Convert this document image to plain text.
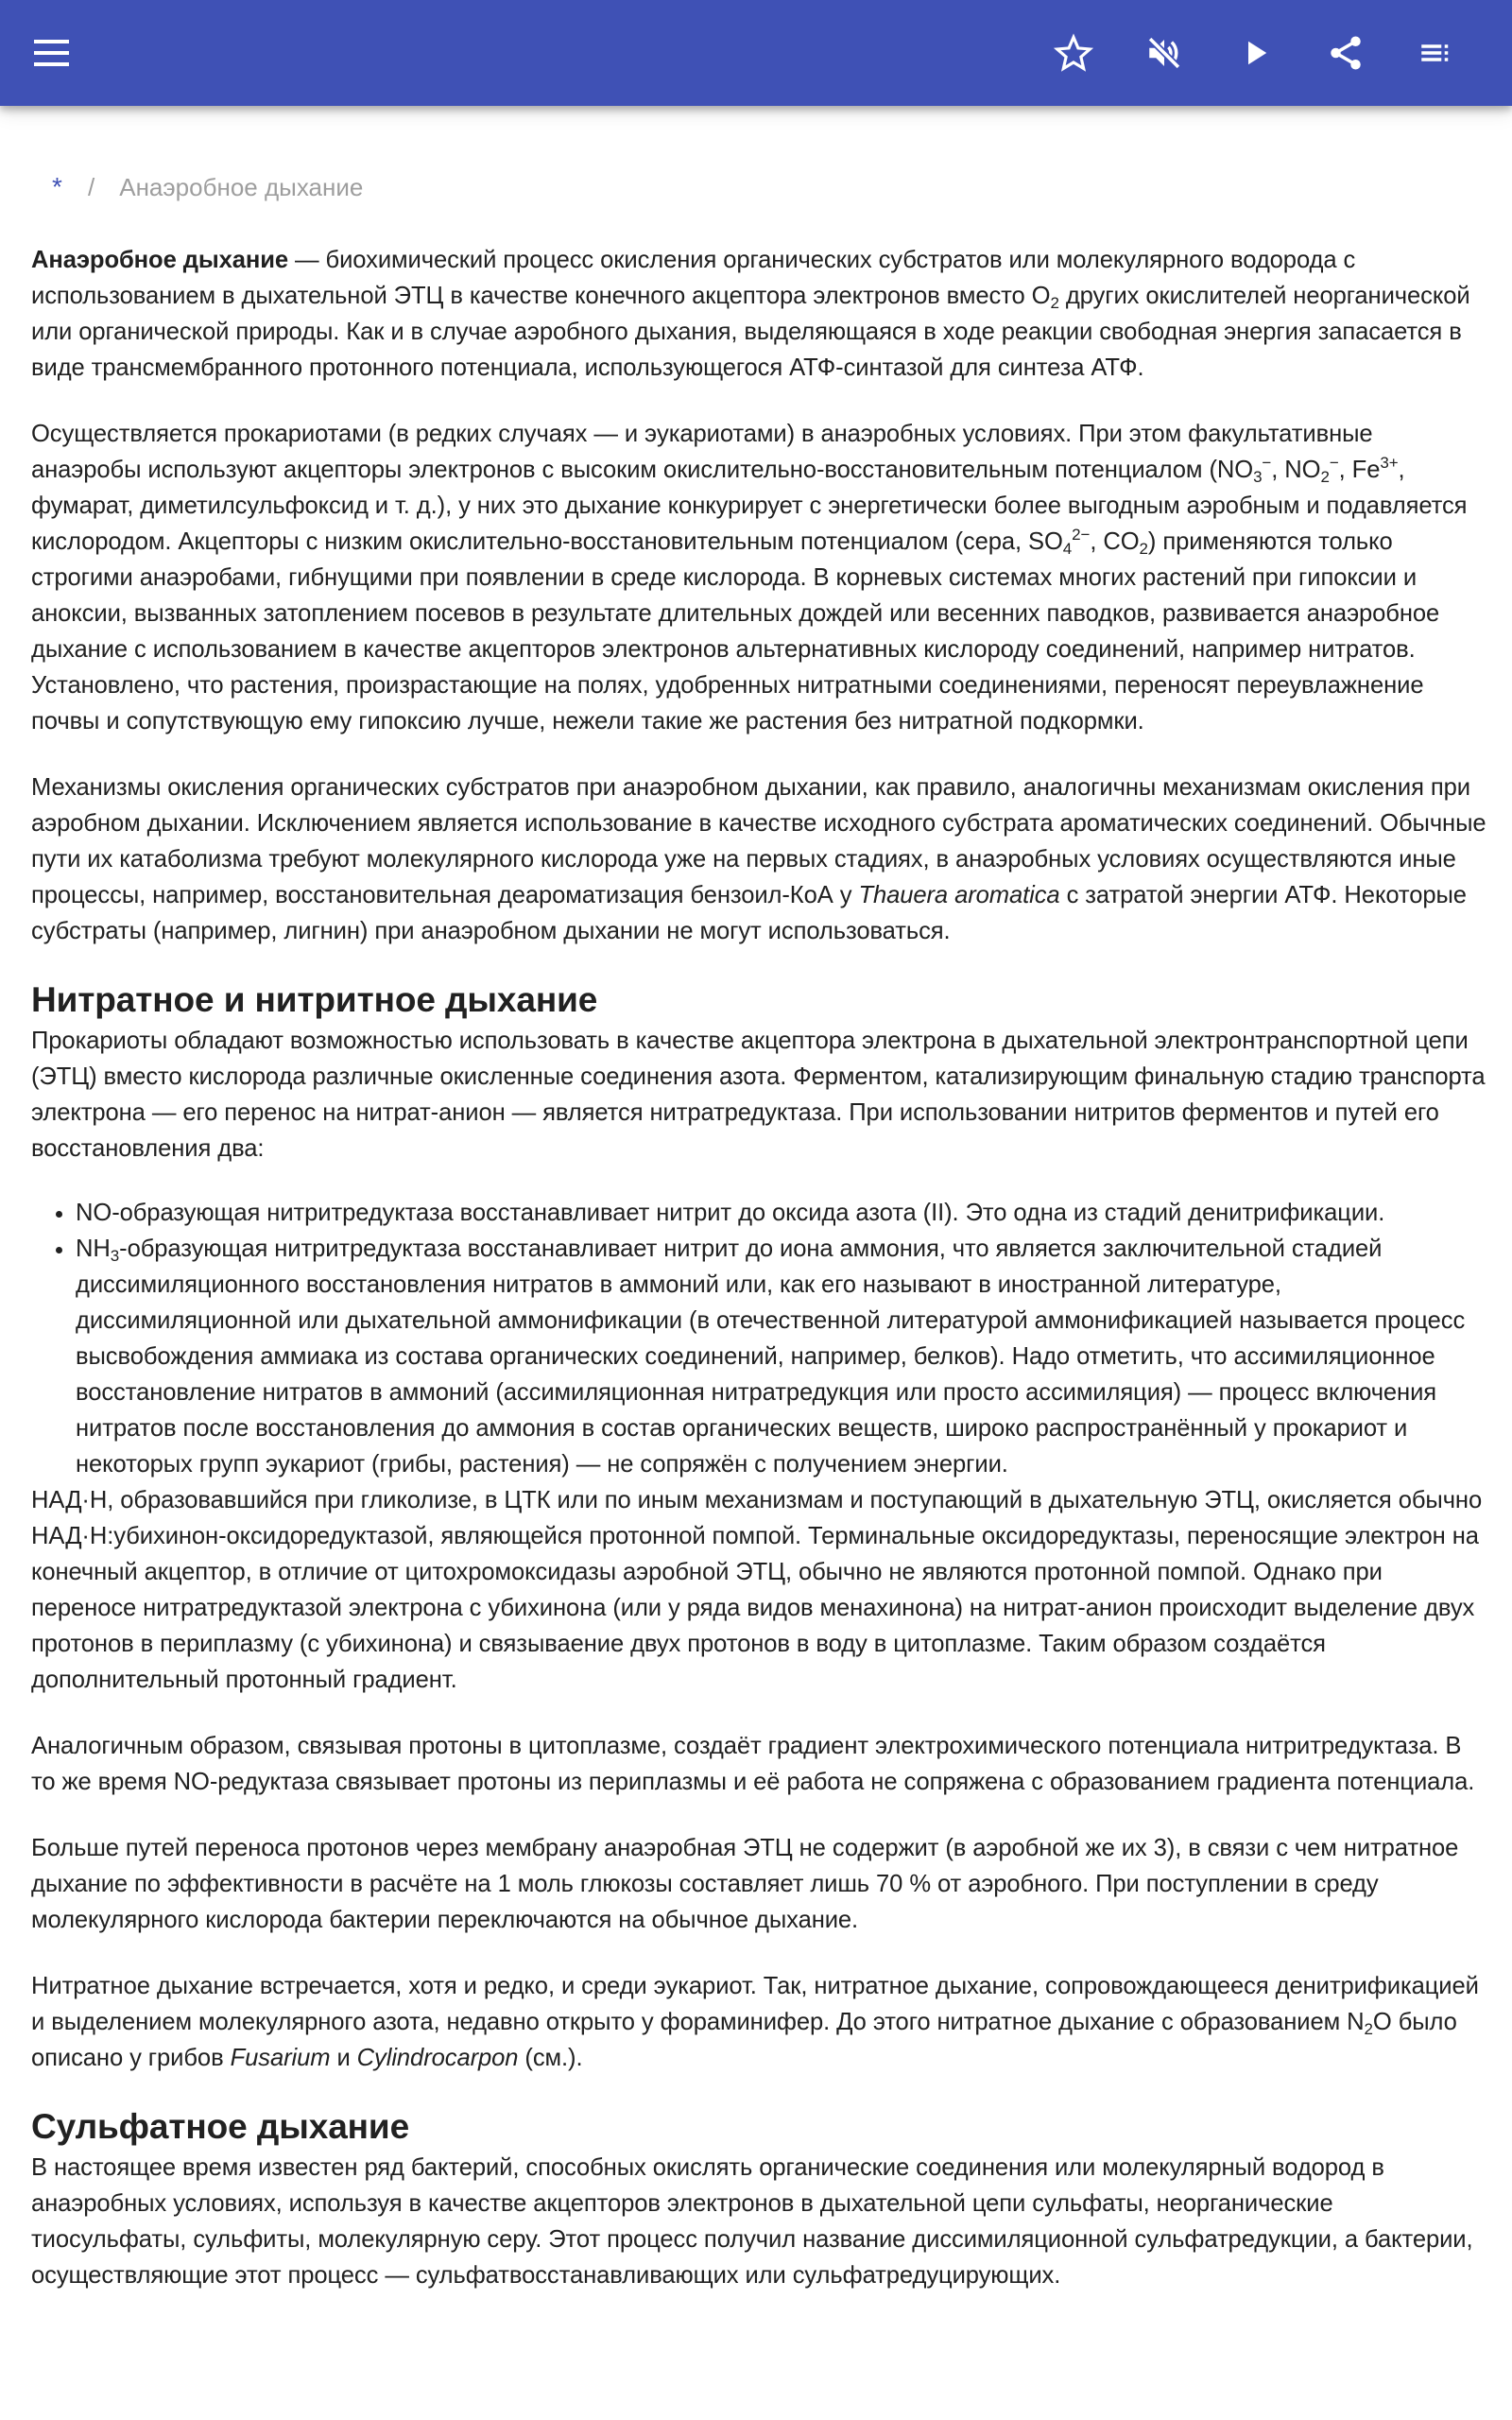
*	/ Анаэробное дыхание

Анаэробное дыхание — биохимический процесс окисления органических субстратов или молекулярного водорода с использованием в дыхательной ЭТЦ в качестве конечного акцептора электронов вместо $O_2$ других окислителей неорганической или органической природы. Как и в случае аэробного дыхания, выделяющаяся в ходе реакции свободная энергия запасается в виде трансмембранного протонного потенциала, использующегося АТФ-синтазой для синтеза АТФ.

Осуществляется прокариотами (в редких случаях — и эукариотами) в анаэробных условиях. При этом факультативные анаэробы используют акцепторы электронов с высоким окислительно-восстановительным потенциалом ($NO_3^-$, $NO_2^-$, $Fe^{3+}$, фумарат, диметилсульфоксид и т. д.), у них это дыхание конкурирует с энергетически более выгодным аэробным и подавляется кислородом. Акцепторы с низким окислительно-восстановительным потенциалом (сера, $SO_4^{2-}$, $CO_2$) применяются только строгими анаэробами, гибнущими при появлении в среде кислорода. В корневых системах многих растений при гипоксии и аноксии, вызванных затоплением посевов в результате длительных дождей или весенних паводков, развивается анаэробное дыхание с использованием в качестве акцепторов электронов альтернативных кислороду соединений, например нитратов. Установлено, что растения, произрастающие на полях, удобренных нитратными соединениями, переносят переувлажнение почвы и сопутствующую ему гипоксию лучше, нежели такие же растения без нитратной подкормки.

Механизмы окисления органических субстратов при анаэробном дыхании, как правило, аналогичны механизмам окисления при аэробном дыхании. Исключением является использование в качестве исходного субстрата ароматических соединений. Обычные пути их катаболизма требуют молекулярного кислорода уже на первых стадиях, в анаэробных условиях осуществляются иные процессы, например, восстановительная деароматизация бензоил-КоА у Thauera aromatica с затратой энергии АТФ. Некоторые субстраты (например, лигнин) при анаэробном дыхании не могут использоваться.

Нитратное и нитритное дыхание

Прокариоты обладают возможностью использовать в качестве акцептора электрона в дыхательной электронтранспортной цепи (ЭТЦ) вместо кислорода различные окисленные соединения азота. Ферментом, катализирующим финальную стадию транспорта электрона — его перенос на нитрат-анион — является нитратредуктаза. При использовании нитритов ферментов и путей его восстановления два:

• NO-образующая нитритредуктаза восстанавливает нитрит до оксида азота (II). Это одна из стадий денитрификации.
• $NH_3$-образующая нитритредуктаза восстанавливает нитрит до иона аммония, что является заключительной стадией диссимиляционного восстановления нитратов в аммоний или, как его называют в иностранной литературе, диссимиляционной или дыхательной аммонификации (в отечественной литературой аммонификацией называется процесс высвобождения аммиака из состава органических соединений, например, белков). Надо отметить, что ассимиляционное восстановление нитратов в аммоний (ассимиляционная нитратредукция или просто ассимиляция) — процесс включения нитратов после восстановления до аммония в состав органических веществ, широко распространённый у прокариот и некоторых групп эукариот (грибы, растения) — не сопряжён с получением энергии.

НАД·Н, образовавшийся при гликолизе, в ЦТК или по иным механизмам и поступающий в дыхательную ЭТЦ, окисляется обычно НАД·Н:убихинон-оксидоредуктазой, являющейся протонной помпой. Терминальные оксидоредуктазы, переносящие электрон на конечный акцептор, в отличие от цитохромоксидазы аэробной ЭТЦ, обычно не являются протонной помпой. Однако при переносе нитратредуктазой электрона с убихинона (или у ряда видов менахинона) на нитрат-анион происходит выделение двух протонов в периплазму (с убихинона) и связываение двух протонов в воду в цитоплазме. Таким образом создаётся дополнительный протонный градиент.

Аналогичным образом, связывая протоны в цитоплазме, создаёт градиент электрохимического потенциала нитритредуктаза. В то же время NO-редуктаза связывает протоны из периплазмы и её работа не сопряжена с образованием градиента потенциала.

Больше путей переноса протонов через мембрану анаэробная ЭТЦ не содержит (в аэробной же их 3), в связи с чем нитратное дыхание по эффективности в расчёте на 1 моль глюкозы составляет лишь 70 % от аэробного. При поступлении в среду молекулярного кислорода бактерии переключаются на обычное дыхание.

Нитратное дыхание встречается, хотя и редко, и среди эукариот. Так, нитратное дыхание, сопровождающееся денитрификацией и выделением молекулярного азота, недавно открыто у фораминифер. До этого нитратное дыхание с образованием $N_2O$ было описано у грибов Fusarium и Cylindrocarpon (см.).

Сульфатное дыхание

В настоящее время известен ряд бактерий, способных окислять органические соединения или молекулярный водород в анаэробных условиях, используя в качестве акцепторов электронов в дыхательной цепи сульфаты, неорганические тиосульфаты, сульфиты, молекулярную серу. Этот процесс получил название диссимиляционной сульфатредукции, а бактерии, осуществляющие этот процесс — сульфатвосстанавливающих или сульфатредуцирующих.
